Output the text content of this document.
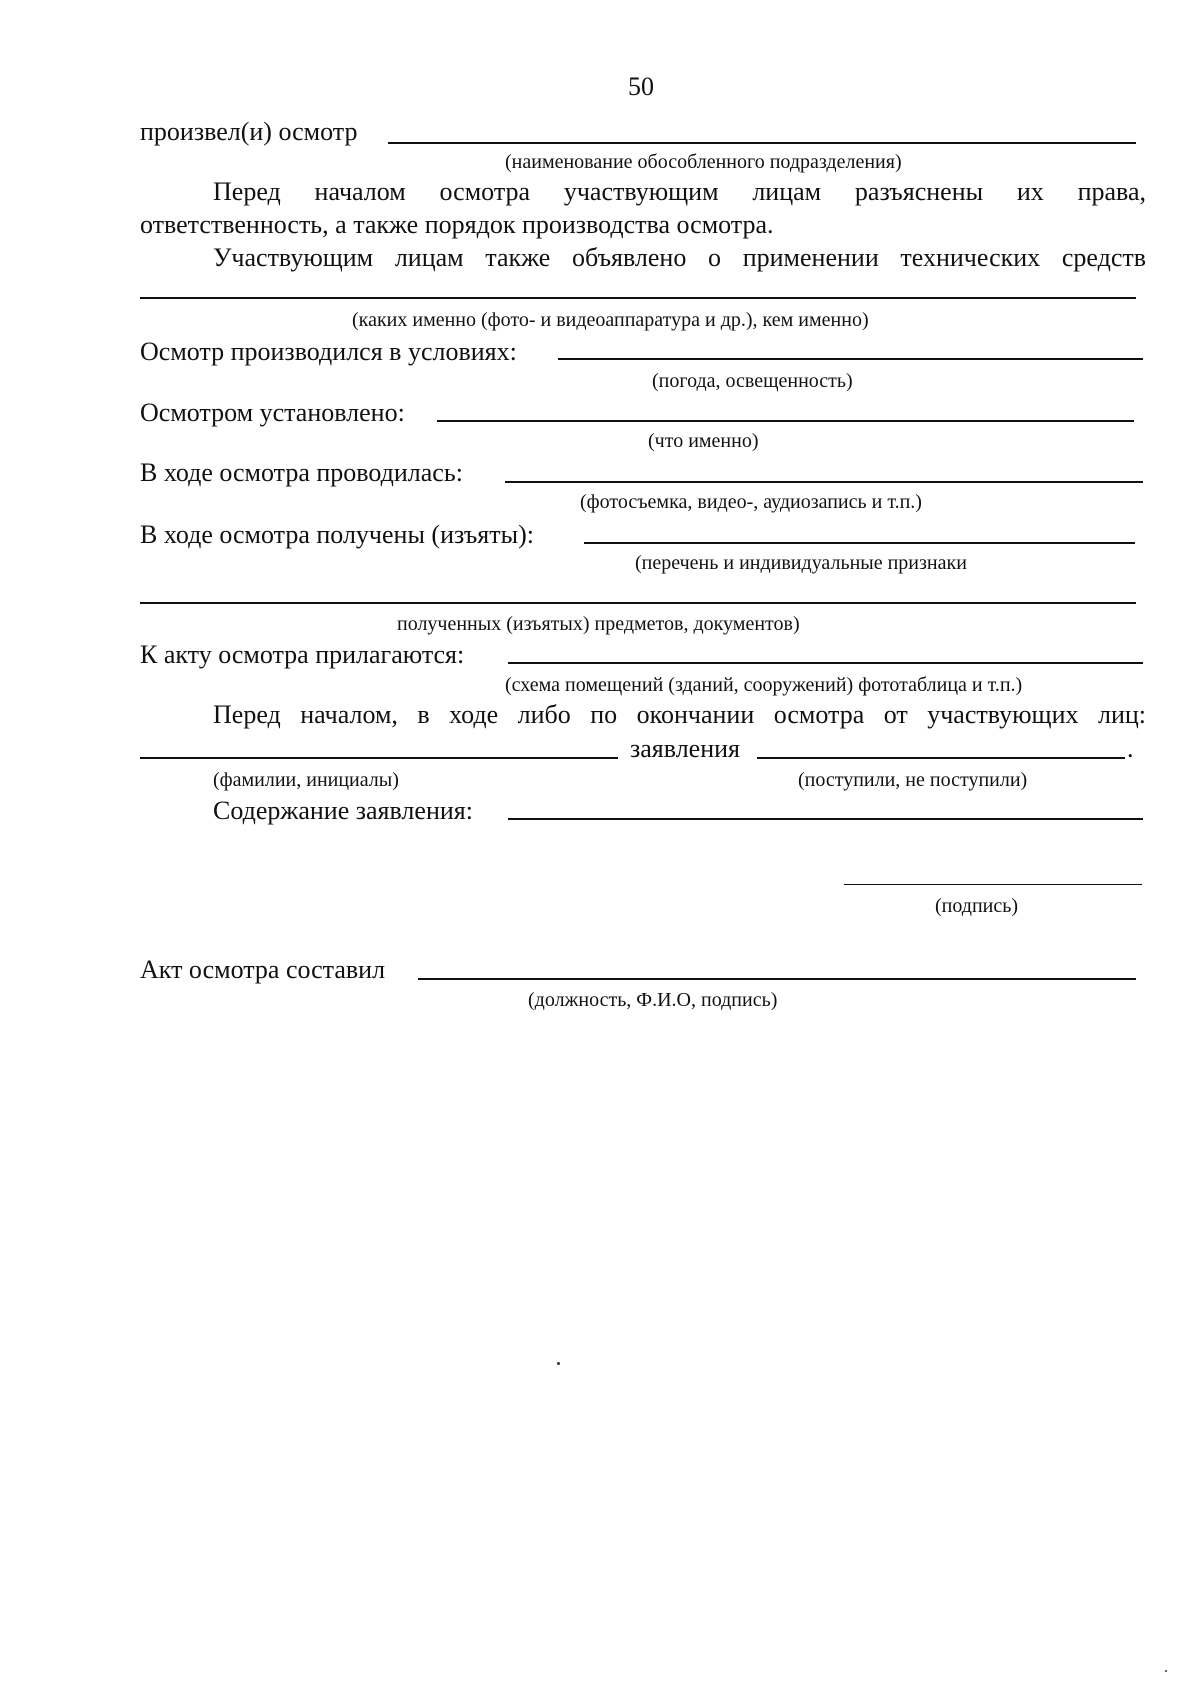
50
произвел(и) осмотр
(наименование обособленного подразделения)
Перед началом осмотра участвующим лицам разъяснены их права,
ответственность, а также порядок производства осмотра.
Участвующим лицам также объявлено о применении технических средств
(каких именно (фото- и видеоаппаратура и др.), кем именно)
Осмотр производился в условиях:
(погода, освещенность)
Осмотром установлено:
(что именно)
В ходе осмотра проводилась:
(фотосъемка, видео-, аудиозапись и т.п.)
В ходе осмотра получены (изъяты):
(перечень и индивидуальные признаки
полученных (изъятых) предметов, документов)
К акту осмотра прилагаются:
(схема помещений (зданий, сооружений) фототаблица и т.п.)
Перед началом, в ходе либо по окончании осмотра от участвующих лиц:
заявления	.
(фамилии, инициалы)	(поступили, не поступили)
Содержание заявления:
(подпись)
Акт осмотра составил
(должность, Ф.И.О, подпись)
